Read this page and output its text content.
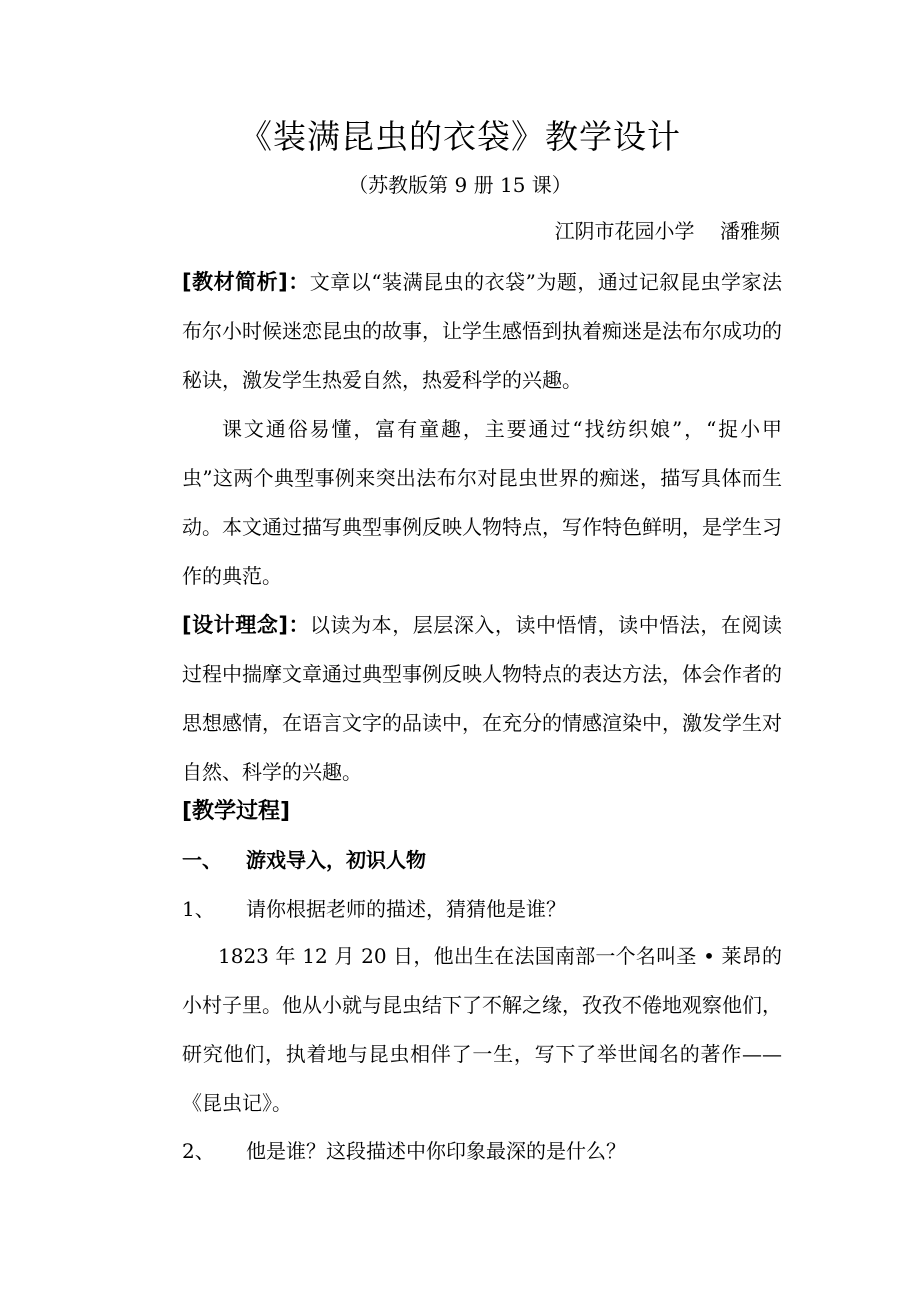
《装满昆虫的衣袋》教学设计
（苏教版第 9 册 15 课）
江阴市花园小学    潘雅频
[教材简析]：文章以“装满昆虫的衣袋”为题，通过记叙昆虫学家法布尔小时候迷恋昆虫的故事，让学生感悟到执着痴迷是法布尔成功的秘诀，激发学生热爱自然，热爱科学的兴趣。
课文通俗易懂，富有童趣，主要通过“找纺织娘”，“捉小甲虫”这两个典型事例来突出法布尔对昆虫世界的痴迷，描写具体而生动。本文通过描写典型事例反映人物特点，写作特色鲜明，是学生习作的典范。
[设计理念]：以读为本，层层深入，读中悟情，读中悟法，在阅读过程中揣摩文章通过典型事例反映人物特点的表达方法，体会作者的思想感情，在语言文字的品读中，在充分的情感渲染中，激发学生对自然、科学的兴趣。
[教学过程]
一、 游戏导入，初识人物
1、 请你根据老师的描述，猜猜他是谁？
1823 年 12 月 20 日，他出生在法国南部一个名叫圣 • 莱昂的小村子里。他从小就与昆虫结下了不解之缘，孜孜不倦地观察他们，研究他们，执着地与昆虫相伴了一生，写下了举世闻名的著作——《昆虫记》。
2、 他是谁？这段描述中你印象最深的是什么？
